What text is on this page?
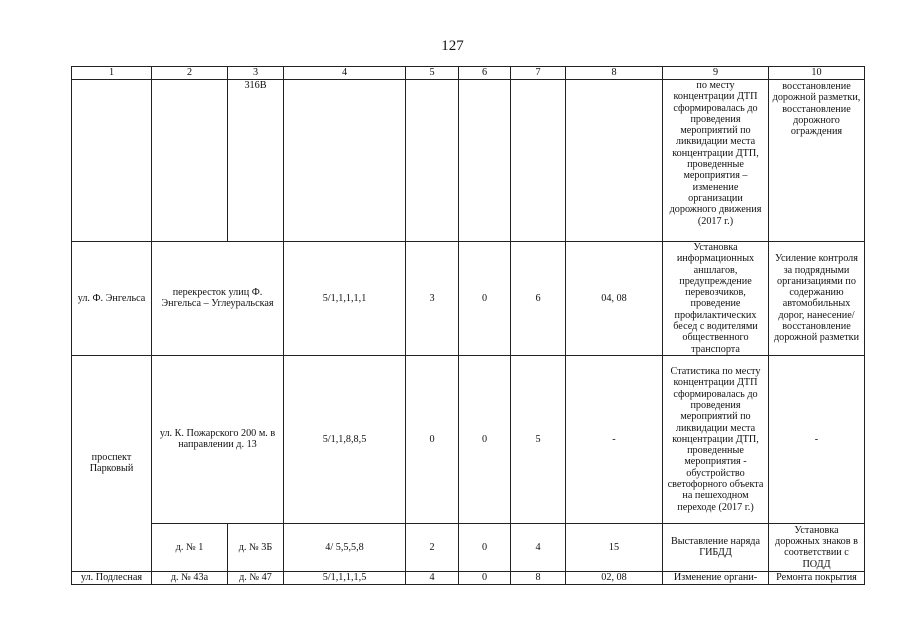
127
1	2	3	4	5	6	7	8	9	10
		316В						по месту концентрации ДТП сформировалась до проведения мероприятий по ликвидации места концентрации ДТП, проведенные мероприятия – изменение организации дорожного движения (2017 г.)	восстановление дорожной разметки, восстановление дорожного ограждения
ул. Ф. Энгельса	перекресток улиц Ф. Энгельса – Углеуральская		5/1,1,1,1,1	3	0	6	04, 08	Установка информационных аншлагов, предупреждение перевозчиков, проведение профилактических бесед с водителями общественного транспорта	Усиление контроля за подрядными организациями по содержанию автомобильных дорог, нанесение/ восстановление дорожной разметки
проспект Парковый	ул. К. Пожарского 200 м. в направлении д. 13		5/1,1,8,8,5	0	0	5	-	Статистика по месту концентрации ДТП сформировалась до проведения мероприятий по ликвидации места концентрации ДТП, проведенные мероприятия - обустройство светофорного объекта на пешеходном переходе (2017 г.)	-
	д. № 1	д. № 3Б	4/ 5,5,5,8	2	0	4	15	Выставление наряда ГИБДД	Установка дорожных знаков в соответствии с ПОДД
ул. Подлесная	д. № 43а	д. № 47	5/1,1,1,1,5	4	0	8	02, 08	Изменение органи-	Ремонта покрытия
